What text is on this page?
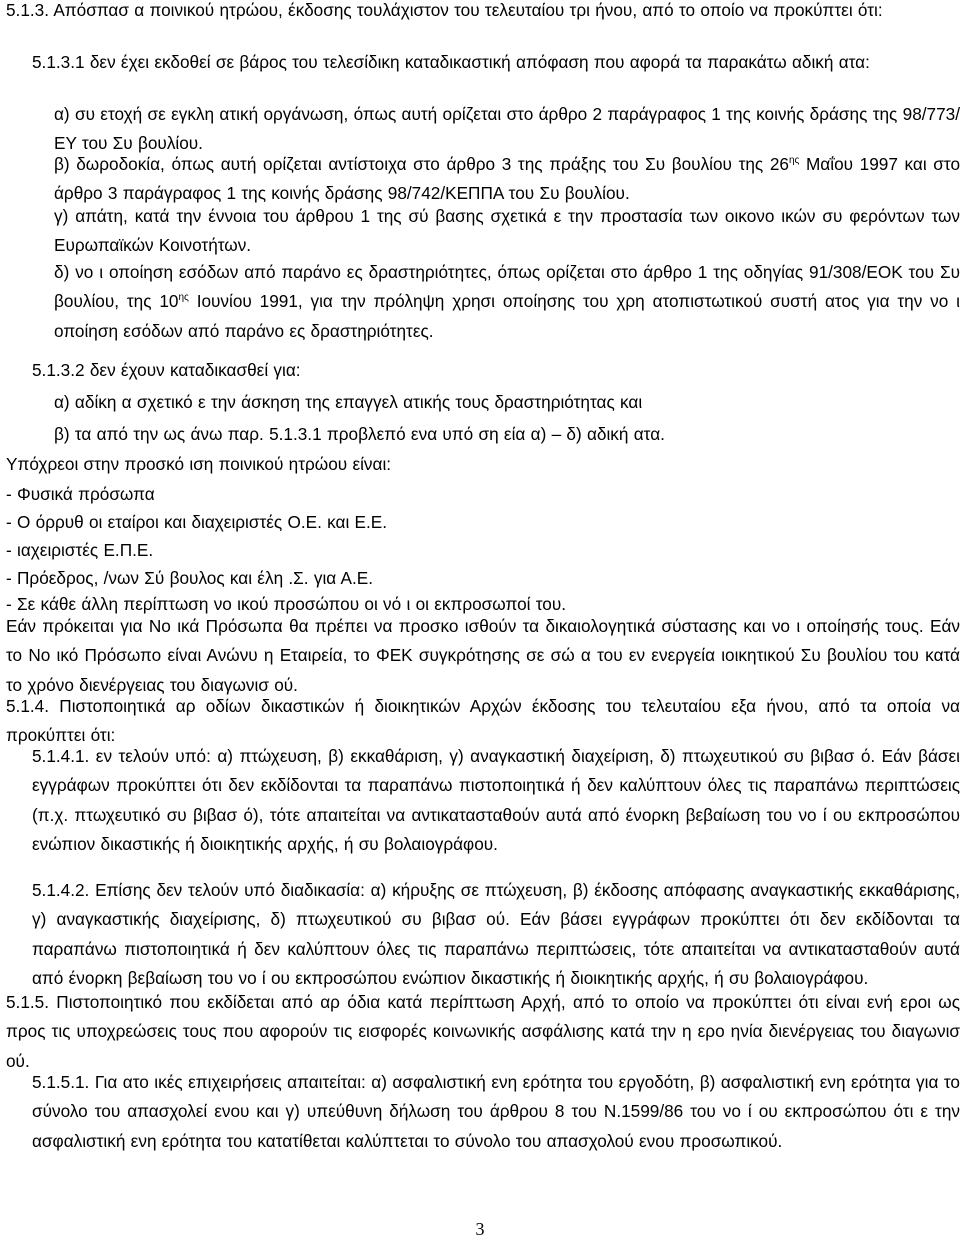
5.1.3. Απόσπασ α ποινικού ητρώου, έκδοσης τουλάχιστον του τελευταίου τρι ήνου, από το οποίο να προκύπτει ότι:

5.1.3.1 δεν έχει εκδοθεί σε βάρος του τελεσίδικη καταδικαστική απόφαση που αφορά τα παρακάτω αδική ατα:

α) συ ετοχή σε εγκλη ατική οργάνωση, όπως αυτή ορίζεται στο άρθρο 2 παράγραφος 1 της κοινής δράσης της 98/773/ ΕΥ του Συ βουλίου.

β) δωροδοκία, όπως αυτή ορίζεται αντίστοιχα στο άρθρο 3 της πράξης του Συ βουλίου της $26^{\eta\varsigma}$ Μαΐου 1997 και στο άρθρο 3 παράγραφος 1 της κοινής δράσης 98/742/ΚΕΠΠΑ του Συ βουλίου.

γ) απάτη, κατά την έννοια του άρθρου 1 της σύ βασης σχετικά ε την προστασία των οικονο ικών συ φερόντων των Ευρωπαϊκών Κοινοτήτων.

δ) νο ι οποίηση εσόδων από παράνο ες δραστηριότητες, όπως ορίζεται στο άρθρο 1 της οδηγίας 91/308/ΕΟΚ του Συ βουλίου, της $10^{\eta\varsigma}$ Ιουνίου 1991, για την πρόληψη χρησι οποίησης του χρη ατοπιστωτικού συστή ατος για την νο ι οποίηση εσόδων από παράνο ες δραστηριότητες.

5.1.3.2 δεν έχουν καταδικασθεί για:

α) αδίκη α σχετικό ε την άσκηση της επαγγελ ατικής τους δραστηριότητας και

β) τα από την ως άνω παρ. 5.1.3.1 προβλεπό ενα υπό ση εία α) – δ) αδική ατα.

Υπόχρεοι στην προσκό ιση ποινικού ητρώου είναι:

- Φυσικά πρόσωπα

- Ο όρρυθ οι εταίροι και διαχειριστές Ο.Ε. και Ε.Ε.

- ιαχειριστές Ε.Π.Ε.

- Πρόεδρος, /νων Σύ βουλος και έλη .Σ. για Α.Ε.

- Σε κάθε άλλη περίπτωση νο ικού προσώπου οι νό ι οι εκπροσωποί του.

Εάν πρόκειται για Νο ικά Πρόσωπα θα πρέπει να προσκο ισθούν τα δικαιολογητικά σύστασης και νο ι οποίησής τους. Εάν το Νο ικό Πρόσωπο είναι Ανώνυ η Εταιρεία, το ΦΕΚ συγκρότησης σε σώ α του εν ενεργεία ιοικητικού Συ βουλίου του κατά το χρόνο διενέργειας του διαγωνισ ού.

5.1.4. Πιστοποιητικά αρ οδίων δικαστικών ή διοικητικών Αρχών έκδοσης του τελευταίου εξα ήνου, από τα οποία να προκύπτει ότι:

5.1.4.1. εν τελούν υπό: α) πτώχευση, β) εκκαθάριση, γ) αναγκαστική διαχείριση, δ) πτωχευτικού συ βιβασ ό. Εάν βάσει εγγράφων προκύπτει ότι δεν εκδίδονται τα παραπάνω πιστοποιητικά ή δεν καλύπτουν όλες τις παραπάνω περιπτώσεις (π.χ. πτωχευτικό συ βιβασ ό), τότε απαιτείται να αντικατασταθούν αυτά από ένορκη βεβαίωση του νο ί ου εκπροσώπου ενώπιον δικαστικής ή διοικητικής αρχής, ή συ βολαιογράφου.

5.1.4.2. Επίσης δεν τελούν υπό διαδικασία: α) κήρυξης σε πτώχευση, β) έκδοσης απόφασης αναγκαστικής εκκαθάρισης, γ) αναγκαστικής διαχείρισης, δ) πτωχευτικού συ βιβασ ού. Εάν βάσει εγγράφων προκύπτει ότι δεν εκδίδονται τα παραπάνω πιστοποιητικά ή δεν καλύπτουν όλες τις παραπάνω περιπτώσεις, τότε απαιτείται να αντικατασταθούν αυτά από ένορκη βεβαίωση του νο ί ου εκπροσώπου ενώπιον δικαστικής ή διοικητικής αρχής, ή συ βολαιογράφου.

5.1.5. Πιστοποιητικό που εκδίδεται από αρ όδια κατά περίπτωση Αρχή, από το οποίο να προκύπτει ότι είναι ενή εροι ως προς τις υποχρεώσεις τους που αφορούν τις εισφορές κοινωνικής ασφάλισης κατά την η ερο ηνία διενέργειας του διαγωνισ ού.

5.1.5.1. Για ατο ικές επιχειρήσεις απαιτείται: α) ασφαλιστική ενη ερότητα του εργοδότη, β) ασφαλιστική ενη ερότητα για το σύνολο του απασχολεί ενου και γ) υπεύθυνη δήλωση του άρθρου 8 του Ν.1599/86 του νο ί ου εκπροσώπου ότι ε την ασφαλιστική ενη ερότητα του κατατίθεται καλύπτεται το σύνολο του απασχολού ενου προσωπικού.

3
